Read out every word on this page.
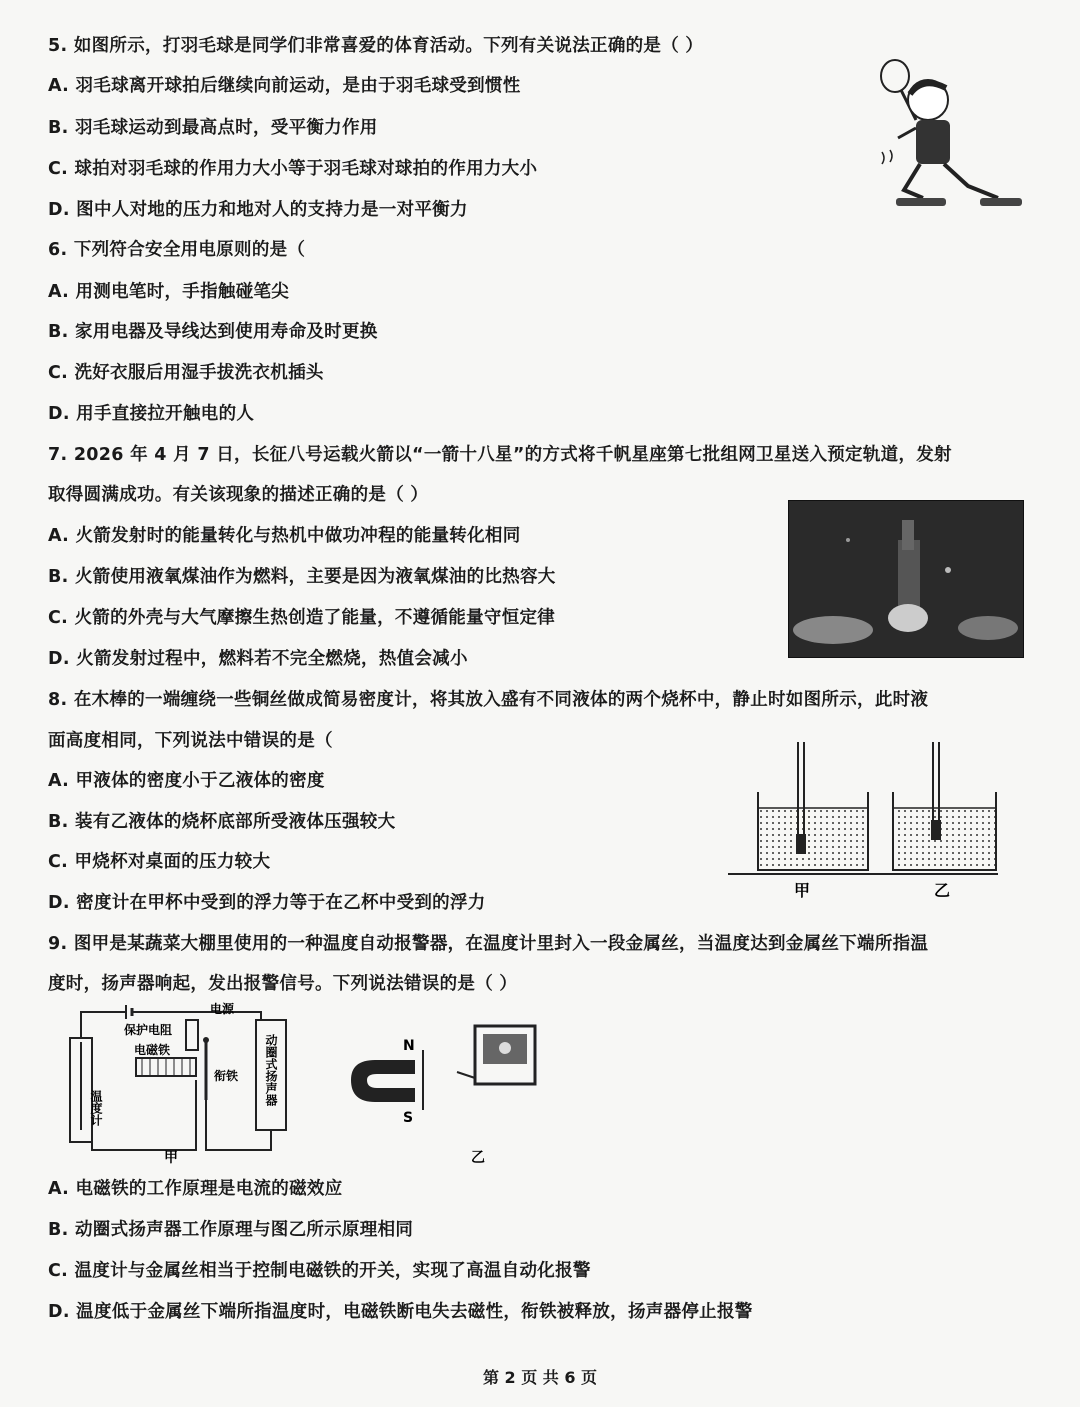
5. 如图所示，打羽毛球是同学们非常喜爱的体育活动。下列有关说法正确的是（ ）
A. 羽毛球离开球拍后继续向前运动，是由于羽毛球受到惯性
B. 羽毛球运动到最高点时，受平衡力作用
C. 球拍对羽毛球的作用力大小等于羽毛球对球拍的作用力大小
D. 图中人对地的压力和地对人的支持力是一对平衡力
6. 下列符合安全用电原则的是（
A. 用测电笔时，手指触碰笔尖
B. 家用电器及导线达到使用寿命及时更换
C. 洗好衣服后用湿手拔洗衣机插头
D. 用手直接拉开触电的人
7. 2026 年 4 月 7 日，长征八号运载火箭以“一箭十八星”的方式将千帆星座第七批组网卫星送入预定轨道，发射
取得圆满成功。有关该现象的描述正确的是（ ）
A. 火箭发射时的能量转化与热机中做功冲程的能量转化相同
B. 火箭使用液氧煤油作为燃料，主要是因为液氧煤油的比热容大
C. 火箭的外壳与大气摩擦生热创造了能量，不遵循能量守恒定律
D. 火箭发射过程中，燃料若不完全燃烧，热值会减小
8. 在木棒的一端缠绕一些铜丝做成简易密度计，将其放入盛有不同液体的两个烧杯中，静止时如图所示，此时液
面高度相同，下列说法中错误的是（
A. 甲液体的密度小于乙液体的密度
B. 装有乙液体的烧杯底部所受液体压强较大
C. 甲烧杯对桌面的压力较大
D. 密度计在甲杯中受到的浮力等于在乙杯中受到的浮力
甲	乙
9. 图甲是某蔬菜大棚里使用的一种温度自动报警器，在温度计里封入一段金属丝，当温度达到金属丝下端所指温
度时，扬声器响起，发出报警信号。下列说法错误的是（ ）
电源
保护电阻
电磁铁
衔铁
温度计
动圈式扬声器
甲
N
S
乙
A. 电磁铁的工作原理是电流的磁效应
B. 动圈式扬声器工作原理与图乙所示原理相同
C. 温度计与金属丝相当于控制电磁铁的开关，实现了高温自动化报警
D. 温度低于金属丝下端所指温度时，电磁铁断电失去磁性，衔铁被释放，扬声器停止报警
第 2 页 共 6 页
